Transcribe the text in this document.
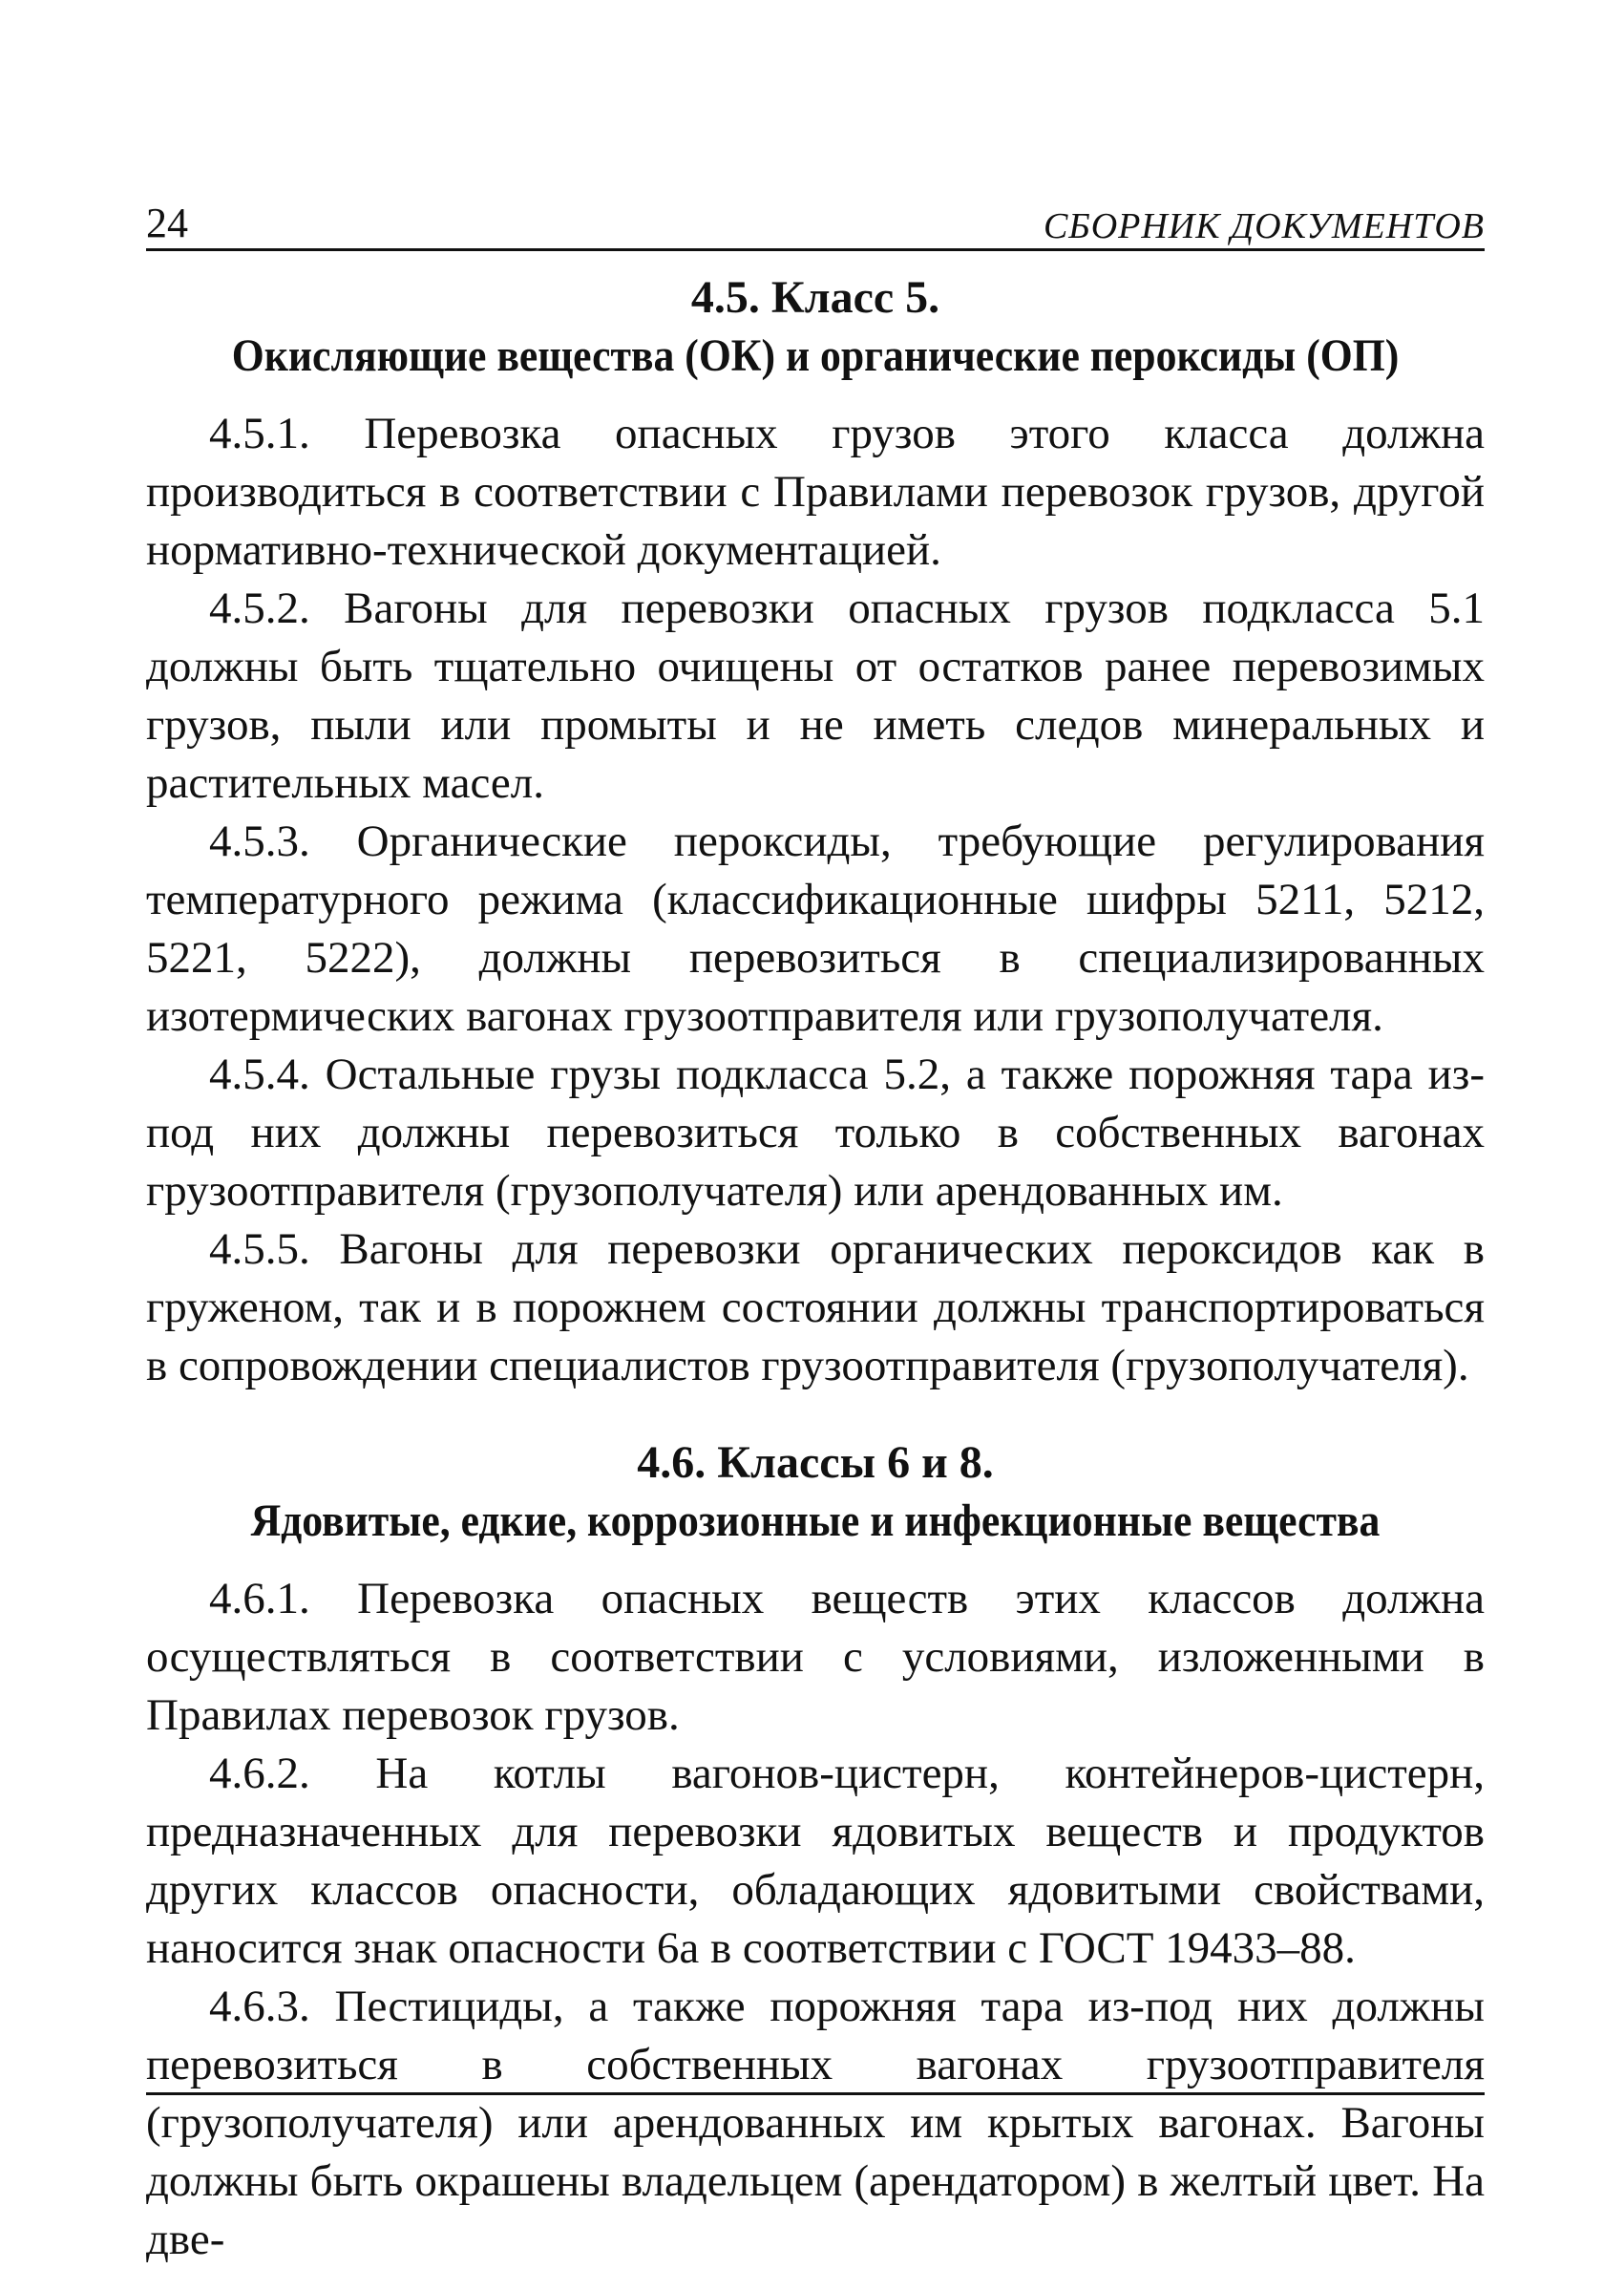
24	СБОРНИК ДОКУМЕНТОВ
4.5. Класс 5.
Окисляющие вещества (ОК) и органические пероксиды (ОП)

4.5.1. Перевозка опасных грузов этого класса должна производиться в соответствии с Правилами перевозок грузов, другой нормативно-технической документацией.

4.5.2. Вагоны для перевозки опасных грузов подкласса 5.1 должны быть тщательно очищены от остатков ранее перевозимых грузов, пыли или промыты и не иметь следов минеральных и растительных масел.

4.5.3. Органические пероксиды, требующие регулирования температурного режима (классификационные шифры 5211, 5212, 5221, 5222), должны перевозиться в специализированных изотермических вагонах грузоотправителя или грузополучателя.

4.5.4. Остальные грузы подкласса 5.2, а также порожняя тара из-под них должны перевозиться только в собственных вагонах грузоотправителя (грузополучателя) или арендованных им.

4.5.5. Вагоны для перевозки органических пероксидов как в груженом, так и в порожнем состоянии должны транспортироваться в сопровождении специалистов грузоотправителя (грузополучателя).

4.6. Классы 6 и 8.
Ядовитые, едкие, коррозионные и инфекционные вещества

4.6.1. Перевозка опасных веществ этих классов должна осуществляться в соответствии с условиями, изложенными в Правилах перевозок грузов.

4.6.2. На котлы вагонов-цистерн, контейнеров-цистерн, предназначенных для перевозки ядовитых веществ и продуктов других классов опасности, обладающих ядовитыми свойствами, наносится знак опасности 6а в соответствии с ГОСТ 19433–88.

4.6.3. Пестициды, а также порожняя тара из-под них должны перевозиться в собственных вагонах грузоотправителя (грузополучателя) или арендованных им крытых вагонах. Вагоны должны быть окрашены владельцем (арендатором) в желтый цвет. На две-
